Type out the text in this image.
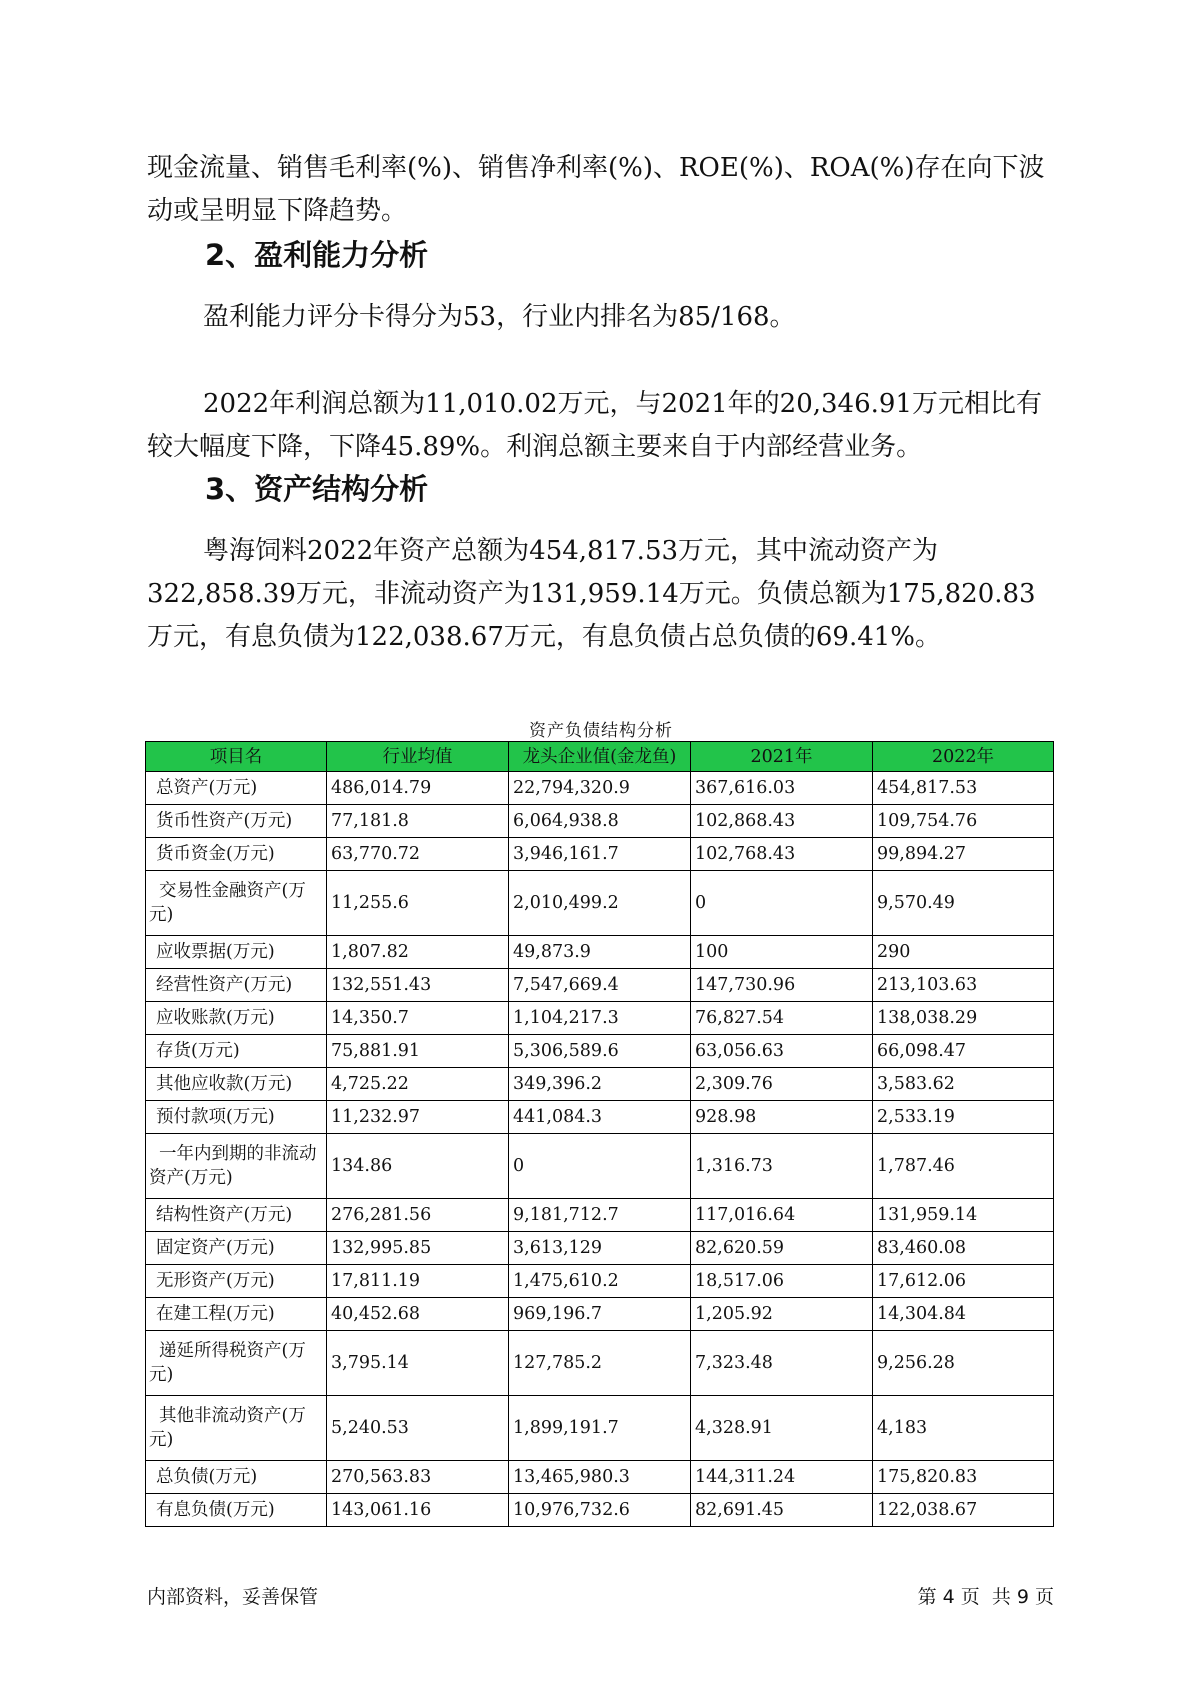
现金流量、销售毛利率(%)、销售净利率(%)、ROE(%)、ROA(%)存在向下波动或呈明显下降趋势。

2、盈利能力分析

盈利能力评分卡得分为53，行业内排名为85/168。

2022年利润总额为11,010.02万元，与2021年的20,346.91万元相比有较大幅度下降，下降45.89%。利润总额主要来自于内部经营业务。

3、资产结构分析

粤海饲料2022年资产总额为454,817.53万元，其中流动资产为322,858.39万元，非流动资产为131,959.14万元。负债总额为175,820.83万元，有息负债为122,038.67万元，有息负债占总负债的69.41%。

资产负债结构分析
项目名	行业均值	龙头企业值(金龙鱼)	2021年	2022年
总资产(万元)	486,014.79	22,794,320.9	367,616.03	454,817.53
货币性资产(万元)	77,181.8	6,064,938.8	102,868.43	109,754.76
货币资金(万元)	63,770.72	3,946,161.7	102,768.43	99,894.27
交易性金融资产(万元)	11,255.6	2,010,499.2	0	9,570.49
应收票据(万元)	1,807.82	49,873.9	100	290
经营性资产(万元)	132,551.43	7,547,669.4	147,730.96	213,103.63
应收账款(万元)	14,350.7	1,104,217.3	76,827.54	138,038.29
存货(万元)	75,881.91	5,306,589.6	63,056.63	66,098.47
其他应收款(万元)	4,725.22	349,396.2	2,309.76	3,583.62
预付款项(万元)	11,232.97	441,084.3	928.98	2,533.19
一年内到期的非流动资产(万元)	134.86	0	1,316.73	1,787.46
结构性资产(万元)	276,281.56	9,181,712.7	117,016.64	131,959.14
固定资产(万元)	132,995.85	3,613,129	82,620.59	83,460.08
无形资产(万元)	17,811.19	1,475,610.2	18,517.06	17,612.06
在建工程(万元)	40,452.68	969,196.7	1,205.92	14,304.84
递延所得税资产(万元)	3,795.14	127,785.2	7,323.48	9,256.28
其他非流动资产(万元)	5,240.53	1,899,191.7	4,328.91	4,183
总负债(万元)	270,563.83	13,465,980.3	144,311.24	175,820.83
有息负债(万元)	143,061.16	10,976,732.6	82,691.45	122,038.67
内部资料，妥善保管	第 4 页  共 9 页
